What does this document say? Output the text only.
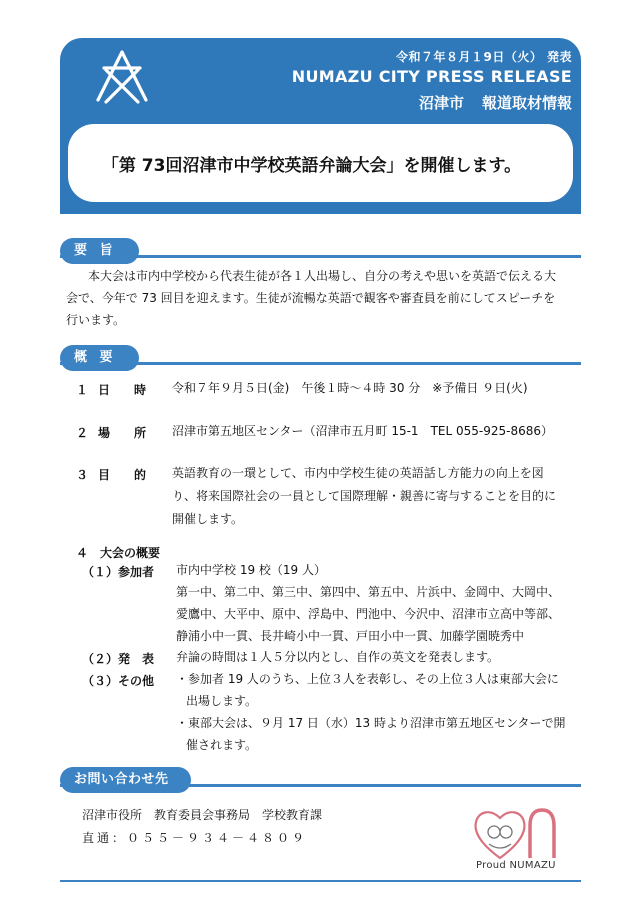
令和７年８月１9日（火） 発表
NUMAZU CITY PRESS RELEASE
沼津市 報道取材情報
「第 73回沼津市中学校英語弁論大会」を開催します。
要 旨
本大会は市内中学校から代表生徒が各１人出場し、自分の考えや思いを英語で伝える大
会で、今年で 73 回目を迎えます。生徒が流暢な英語で観客や審査員を前にしてスピーチを
行います。
概 要
１ 日　　時 令和７年９月５日(金)　午後１時～４時 30 分　※予備日 ９日(火)
２ 場　　所 沼津市第五地区センター（沼津市五月町 15-1　TEL 055-925-8686）
３ 目　　的 英語教育の一環として、市内中学校生徒の英語話し方能力の向上を図
り、将来国際社会の一員として国際理解・親善に寄与することを目的に
開催します。
４　大会の概要
（１）参加者 市内中学校 19 校（19 人）
第一中、第二中、第三中、第四中、第五中、片浜中、金岡中、大岡中、
愛鷹中、大平中、原中、浮島中、門池中、今沢中、沼津市立高中等部、
静浦小中一貫、長井崎小中一貫、戸田小中一貫、加藤学園暁秀中
（２）発　表 弁論の時間は１人５分以内とし、自作の英文を発表します。
（３）その他 ・参加者 19 人のうち、上位３人を表彰し、その上位３人は東部大会に
出場します。
・東部大会は、９月 17 日（水）13 時より沼津市第五地区センターで開
催されます。
お問い合わせ先
沼津市役所　教育委員会事務局　学校教育課
直通：０５５－９３４－４８０９
Proud NUMAZU
